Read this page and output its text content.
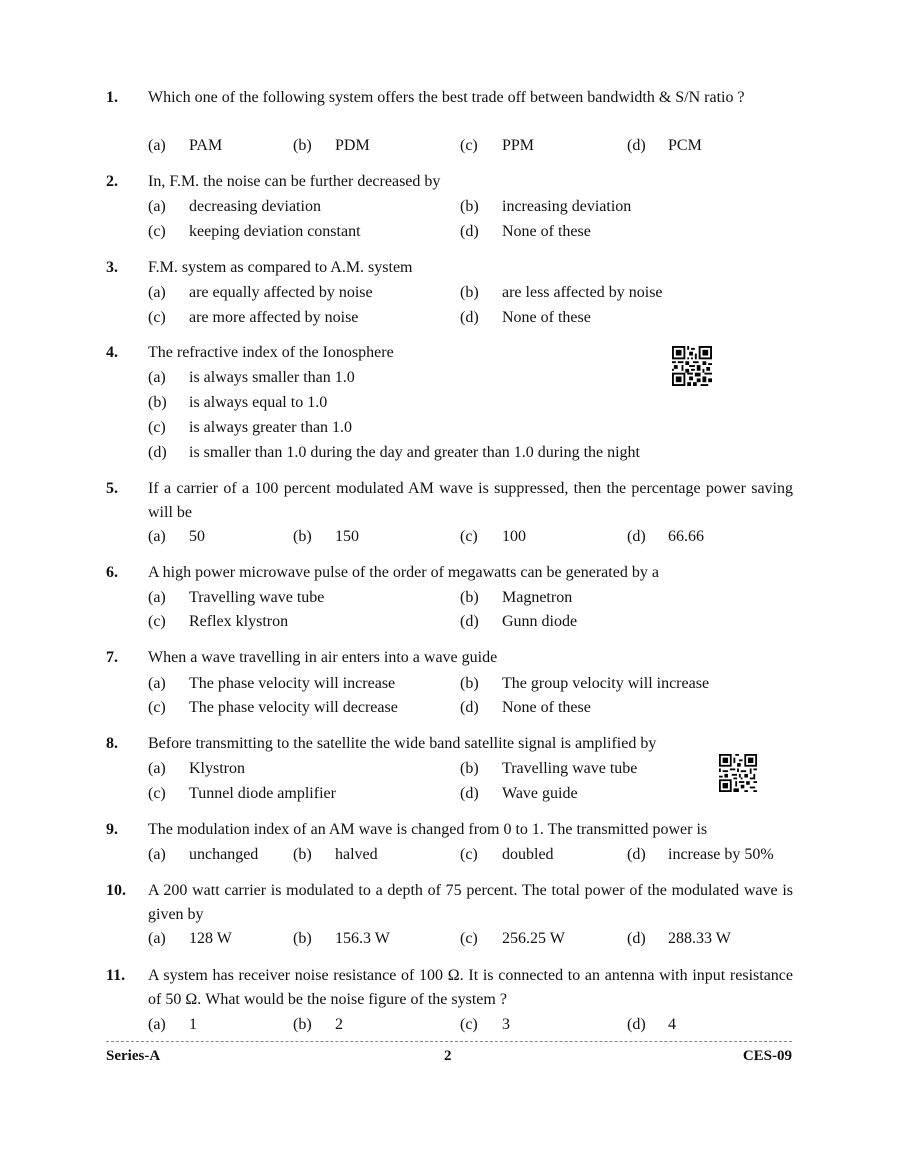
1. Which one of the following system offers the best trade off between bandwidth & S/N ratio ?
(a) PAM	(b) PDM	(c) PPM	(d) PCM
2. In, F.M. the noise can be further decreased by
(a) decreasing deviation	(b) increasing deviation
(c) keeping deviation constant	(d) None of these
3. F.M. system as compared to A.M. system
(a) are equally affected by noise	(b) are less affected by noise
(c) are more affected by noise	(d) None of these
4. The refractive index of the Ionosphere
(a) is always smaller than 1.0
(b) is always equal to 1.0
(c) is always greater than 1.0
(d) is smaller than 1.0 during the day and greater than 1.0 during the night
5. If a carrier of a 100 percent modulated AM wave is suppressed, then the percentage power saving will be
(a) 50	(b) 150	(c) 100	(d) 66.66
6. A high power microwave pulse of the order of megawatts can be generated by a
(a) Travelling wave tube	(b) Magnetron
(c) Reflex klystron	(d) Gunn diode
7. When a wave travelling in air enters into a wave guide
(a) The phase velocity will increase	(b) The group velocity will increase
(c) The phase velocity will decrease	(d) None of these
8. Before transmitting to the satellite the wide band satellite signal is amplified by
(a) Klystron	(b) Travelling wave tube
(c) Tunnel diode amplifier	(d) Wave guide
9. The modulation index of an AM wave is changed from 0 to 1. The transmitted power is
(a) unchanged (b) halved	(c) doubled	(d) increase by 50%
10. A 200 watt carrier is modulated to a depth of 75 percent. The total power of the modulated wave is given by
(a) 128 W	(b) 156.3 W	(c) 256.25 W	(d) 288.33 W
11. A system has receiver noise resistance of 100 Ω. It is connected to an antenna with input resistance of 50 Ω. What would be the noise figure of the system ?
(a) 1	(b) 2	(c) 3	(d) 4
Series-A	2	CES-09
